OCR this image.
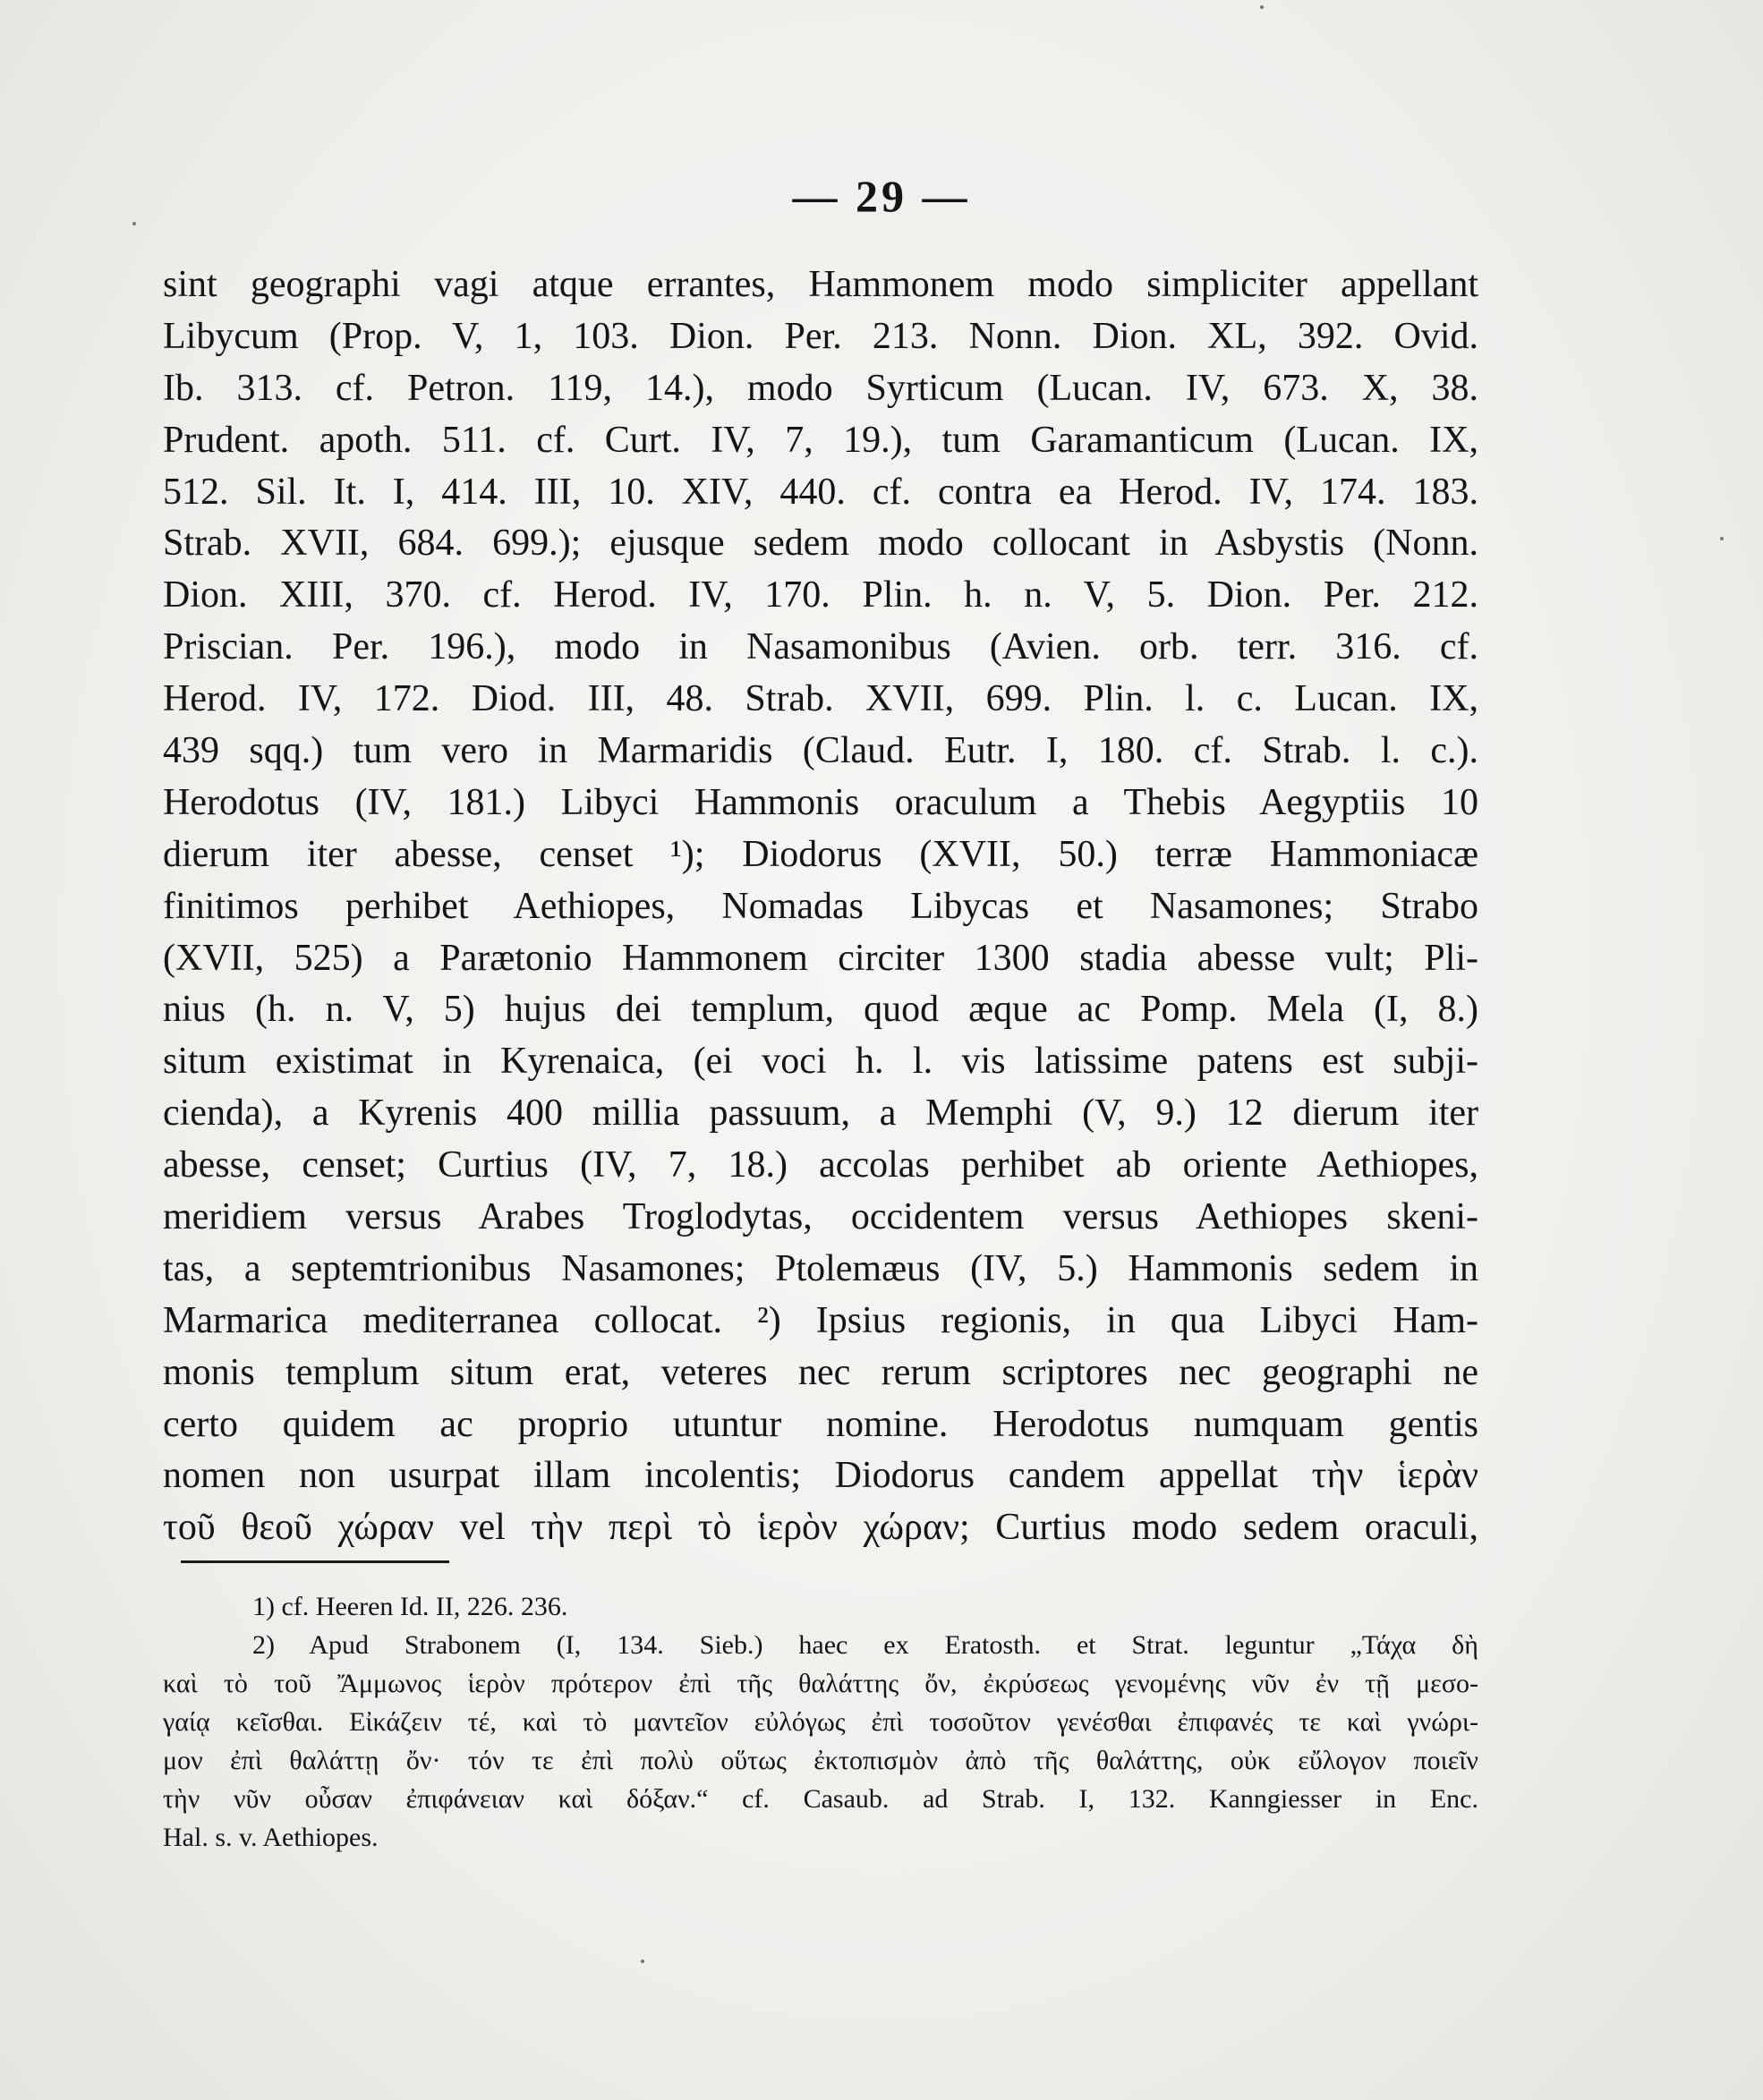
— 29 —
sint geographi vagi atque errantes, Hammonem modo simpliciter appellant
Libycum (Prop. V, 1, 103. Dion. Per. 213. Nonn. Dion. XL, 392. Ovid.
Ib. 313. cf. Petron. 119, 14.), modo Syrticum (Lucan. IV, 673. X, 38.
Prudent. apoth. 511. cf. Curt. IV, 7, 19.), tum Garamanticum (Lucan. IX,
512. Sil. It. I, 414. III, 10. XIV, 440. cf. contra ea Herod. IV, 174. 183.
Strab. XVII, 684. 699.); ejusque sedem modo collocant in Asbystis (Nonn.
Dion. XIII, 370. cf. Herod. IV, 170. Plin. h. n. V, 5. Dion. Per. 212.
Priscian. Per. 196.), modo in Nasamonibus (Avien. orb. terr. 316. cf.
Herod. IV, 172. Diod. III, 48. Strab. XVII, 699. Plin. l. c. Lucan. IX,
439 sqq.) tum vero in Marmaridis (Claud. Eutr. I, 180. cf. Strab. l. c.).
Herodotus (IV, 181.) Libyci Hammonis oraculum a Thebis Aegyptiis 10
dierum iter abesse, censet ¹); Diodorus (XVII, 50.) terræ Hammoniacæ
finitimos perhibet Aethiopes, Nomadas Libycas et Nasamones; Strabo
(XVII, 525) a Parætonio Hammonem circiter 1300 stadia abesse vult; Pli-
nius (h. n. V, 5) hujus dei templum, quod æque ac Pomp. Mela (I, 8.)
situm existimat in Kyrenaica, (ei voci h. l. vis latissime patens est subji-
cienda), a Kyrenis 400 millia passuum, a Memphi (V, 9.) 12 dierum iter
abesse, censet; Curtius (IV, 7, 18.) accolas perhibet ab oriente Aethiopes,
meridiem versus Arabes Troglodytas, occidentem versus Aethiopes skeni-
tas, a septemtrionibus Nasamones; Ptolemæus (IV, 5.) Hammonis sedem in
Marmarica mediterranea collocat. ²) Ipsius regionis, in qua Libyci Ham-
monis templum situm erat, veteres nec rerum scriptores nec geographi ne
certo quidem ac proprio utuntur nomine. Herodotus numquam gentis
nomen non usurpat illam incolentis; Diodorus candem appellat τὴν ἱερὰν
τοῦ θεοῦ χώραν vel τὴν περὶ τὸ ἱερὸν χώραν; Curtius modo sedem oraculi,
1) cf. Heeren Id. II, 226. 236.
2) Apud Strabonem (I, 134. Sieb.) haec ex Eratosth. et Strat. leguntur „Τάχα δὴ
καὶ τὸ τοῦ Ἄμμωνος ἱερὸν πρότερον ἐπὶ τῆς θαλάττης ὄν, ἐκρύσεως γενομένης νῦν ἐν τῇ μεσο-
γαίᾳ κεῖσθαι. Εἰκάζειν τέ, καὶ τὸ μαντεῖον εὐλόγως ἐπὶ τοσοῦτον γενέσθαι ἐπιφανές τε καὶ γνώρι-
μον ἐπὶ θαλάττῃ ὄν· τόν τε ἐπὶ πολὺ οὕτως ἐκτοπισμὸν ἀπὸ τῆς θαλάττης, οὐκ εὔλογον ποιεῖν
τὴν νῦν οὖσαν ἐπιφάνειαν καὶ δόξαν.“ cf. Casaub. ad Strab. I, 132. Kanngiesser in Enc.
Hal. s. v. Aethiopes.
